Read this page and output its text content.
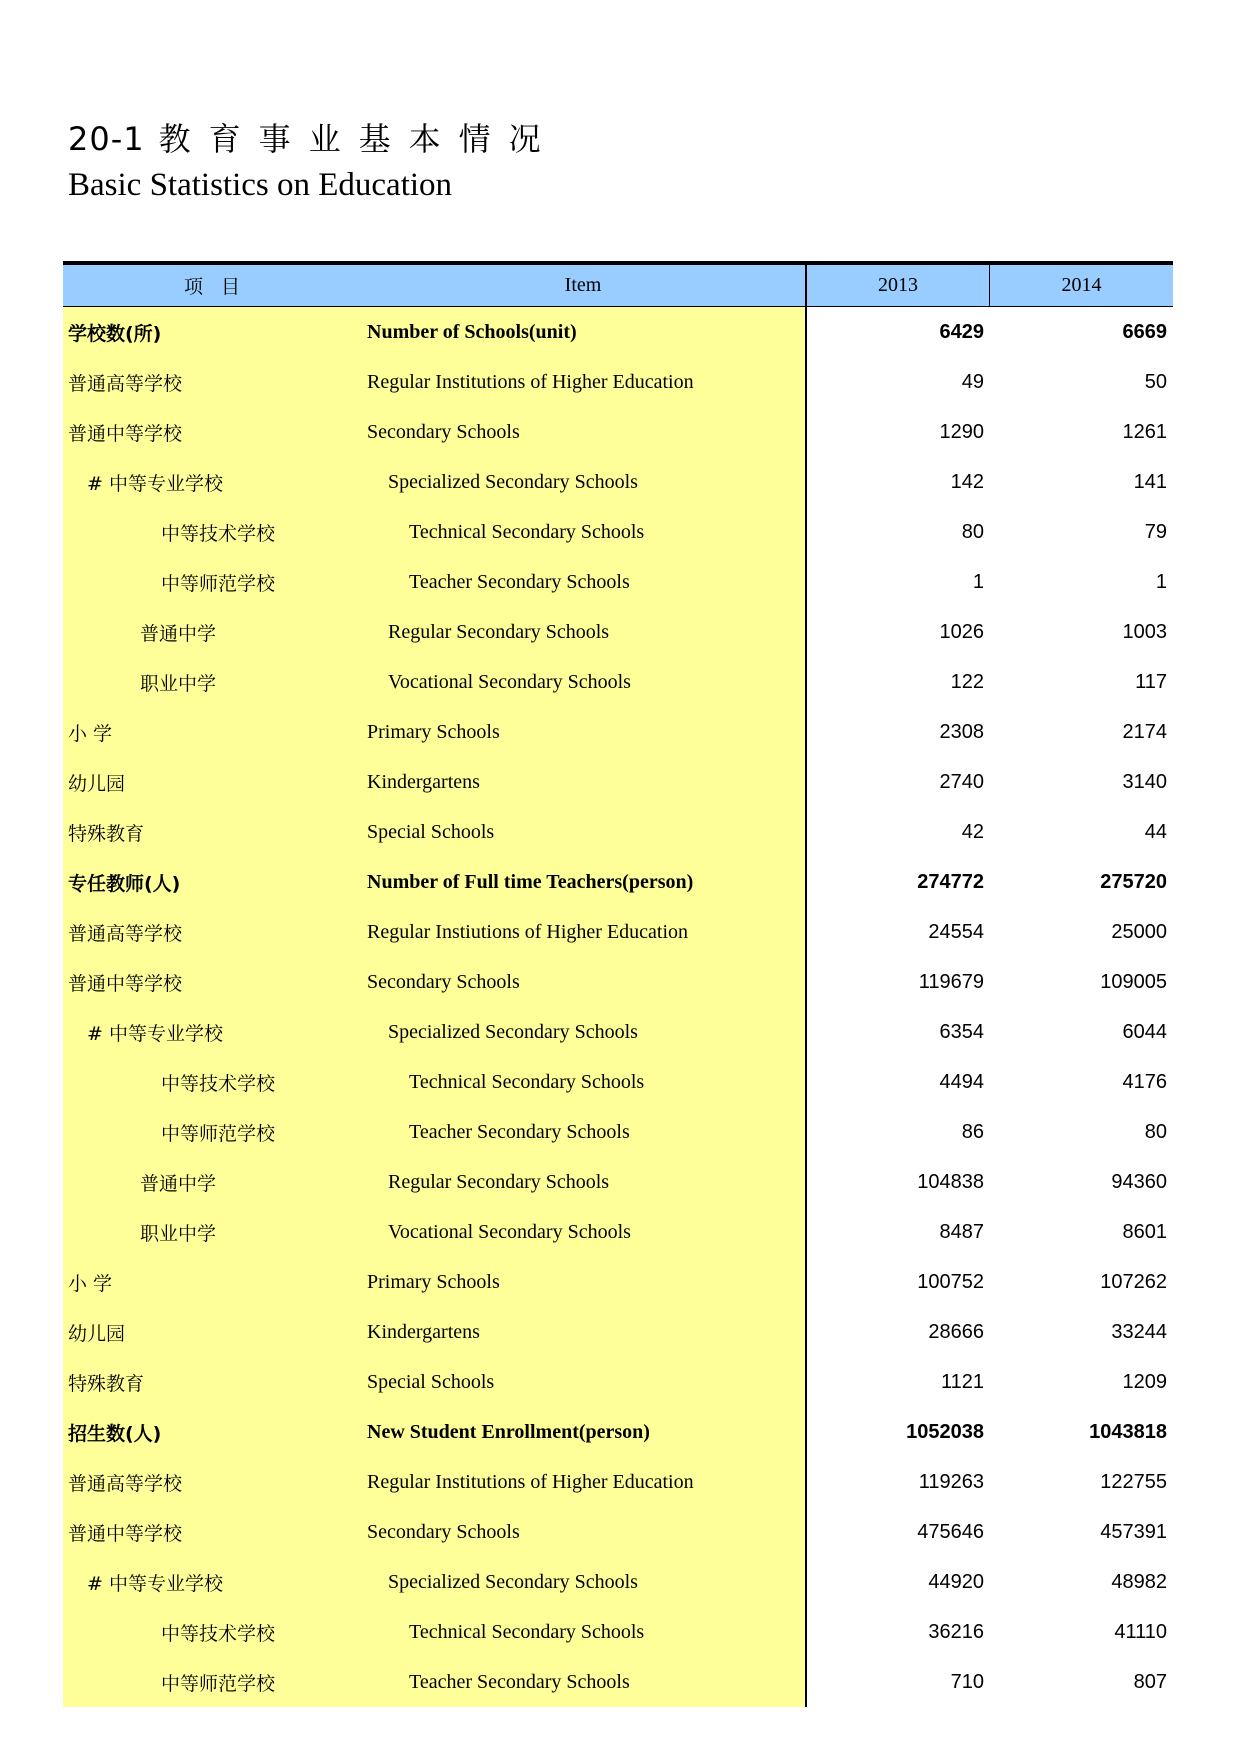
20-1 教育事业基本情况
Basic Statistics on Education
项目	Item	2013	2014
学校数(所)	Number of Schools(unit)	6429	6669
普通高等学校	Regular Institutions of Higher Education	49	50
普通中等学校	Secondary Schools	1290	1261
# 中等专业学校	Specialized Secondary Schools	142	141
中等技术学校	Technical Secondary Schools	80	79
中等师范学校	Teacher Secondary Schools	1	1
普通中学	Regular Secondary Schools	1026	1003
职业中学	Vocational Secondary Schools	122	117
小 学	Primary Schools	2308	2174
幼儿园	Kindergartens	2740	3140
特殊教育	Special Schools	42	44
专任教师(人)	Number of Full time Teachers(person)	274772	275720
普通高等学校	Regular Instiutions of Higher Education	24554	25000
普通中等学校	Secondary Schools	119679	109005
# 中等专业学校	Specialized Secondary Schools	6354	6044
中等技术学校	Technical Secondary Schools	4494	4176
中等师范学校	Teacher Secondary Schools	86	80
普通中学	Regular Secondary Schools	104838	94360
职业中学	Vocational Secondary Schools	8487	8601
小 学	Primary Schools	100752	107262
幼儿园	Kindergartens	28666	33244
特殊教育	Special Schools	1121	1209
招生数(人)	New Student Enrollment(person)	1052038	1043818
普通高等学校	Regular Institutions of Higher Education	119263	122755
普通中等学校	Secondary Schools	475646	457391
# 中等专业学校	Specialized Secondary Schools	44920	48982
中等技术学校	Technical Secondary Schools	36216	41110
中等师范学校	Teacher Secondary Schools	710	807
